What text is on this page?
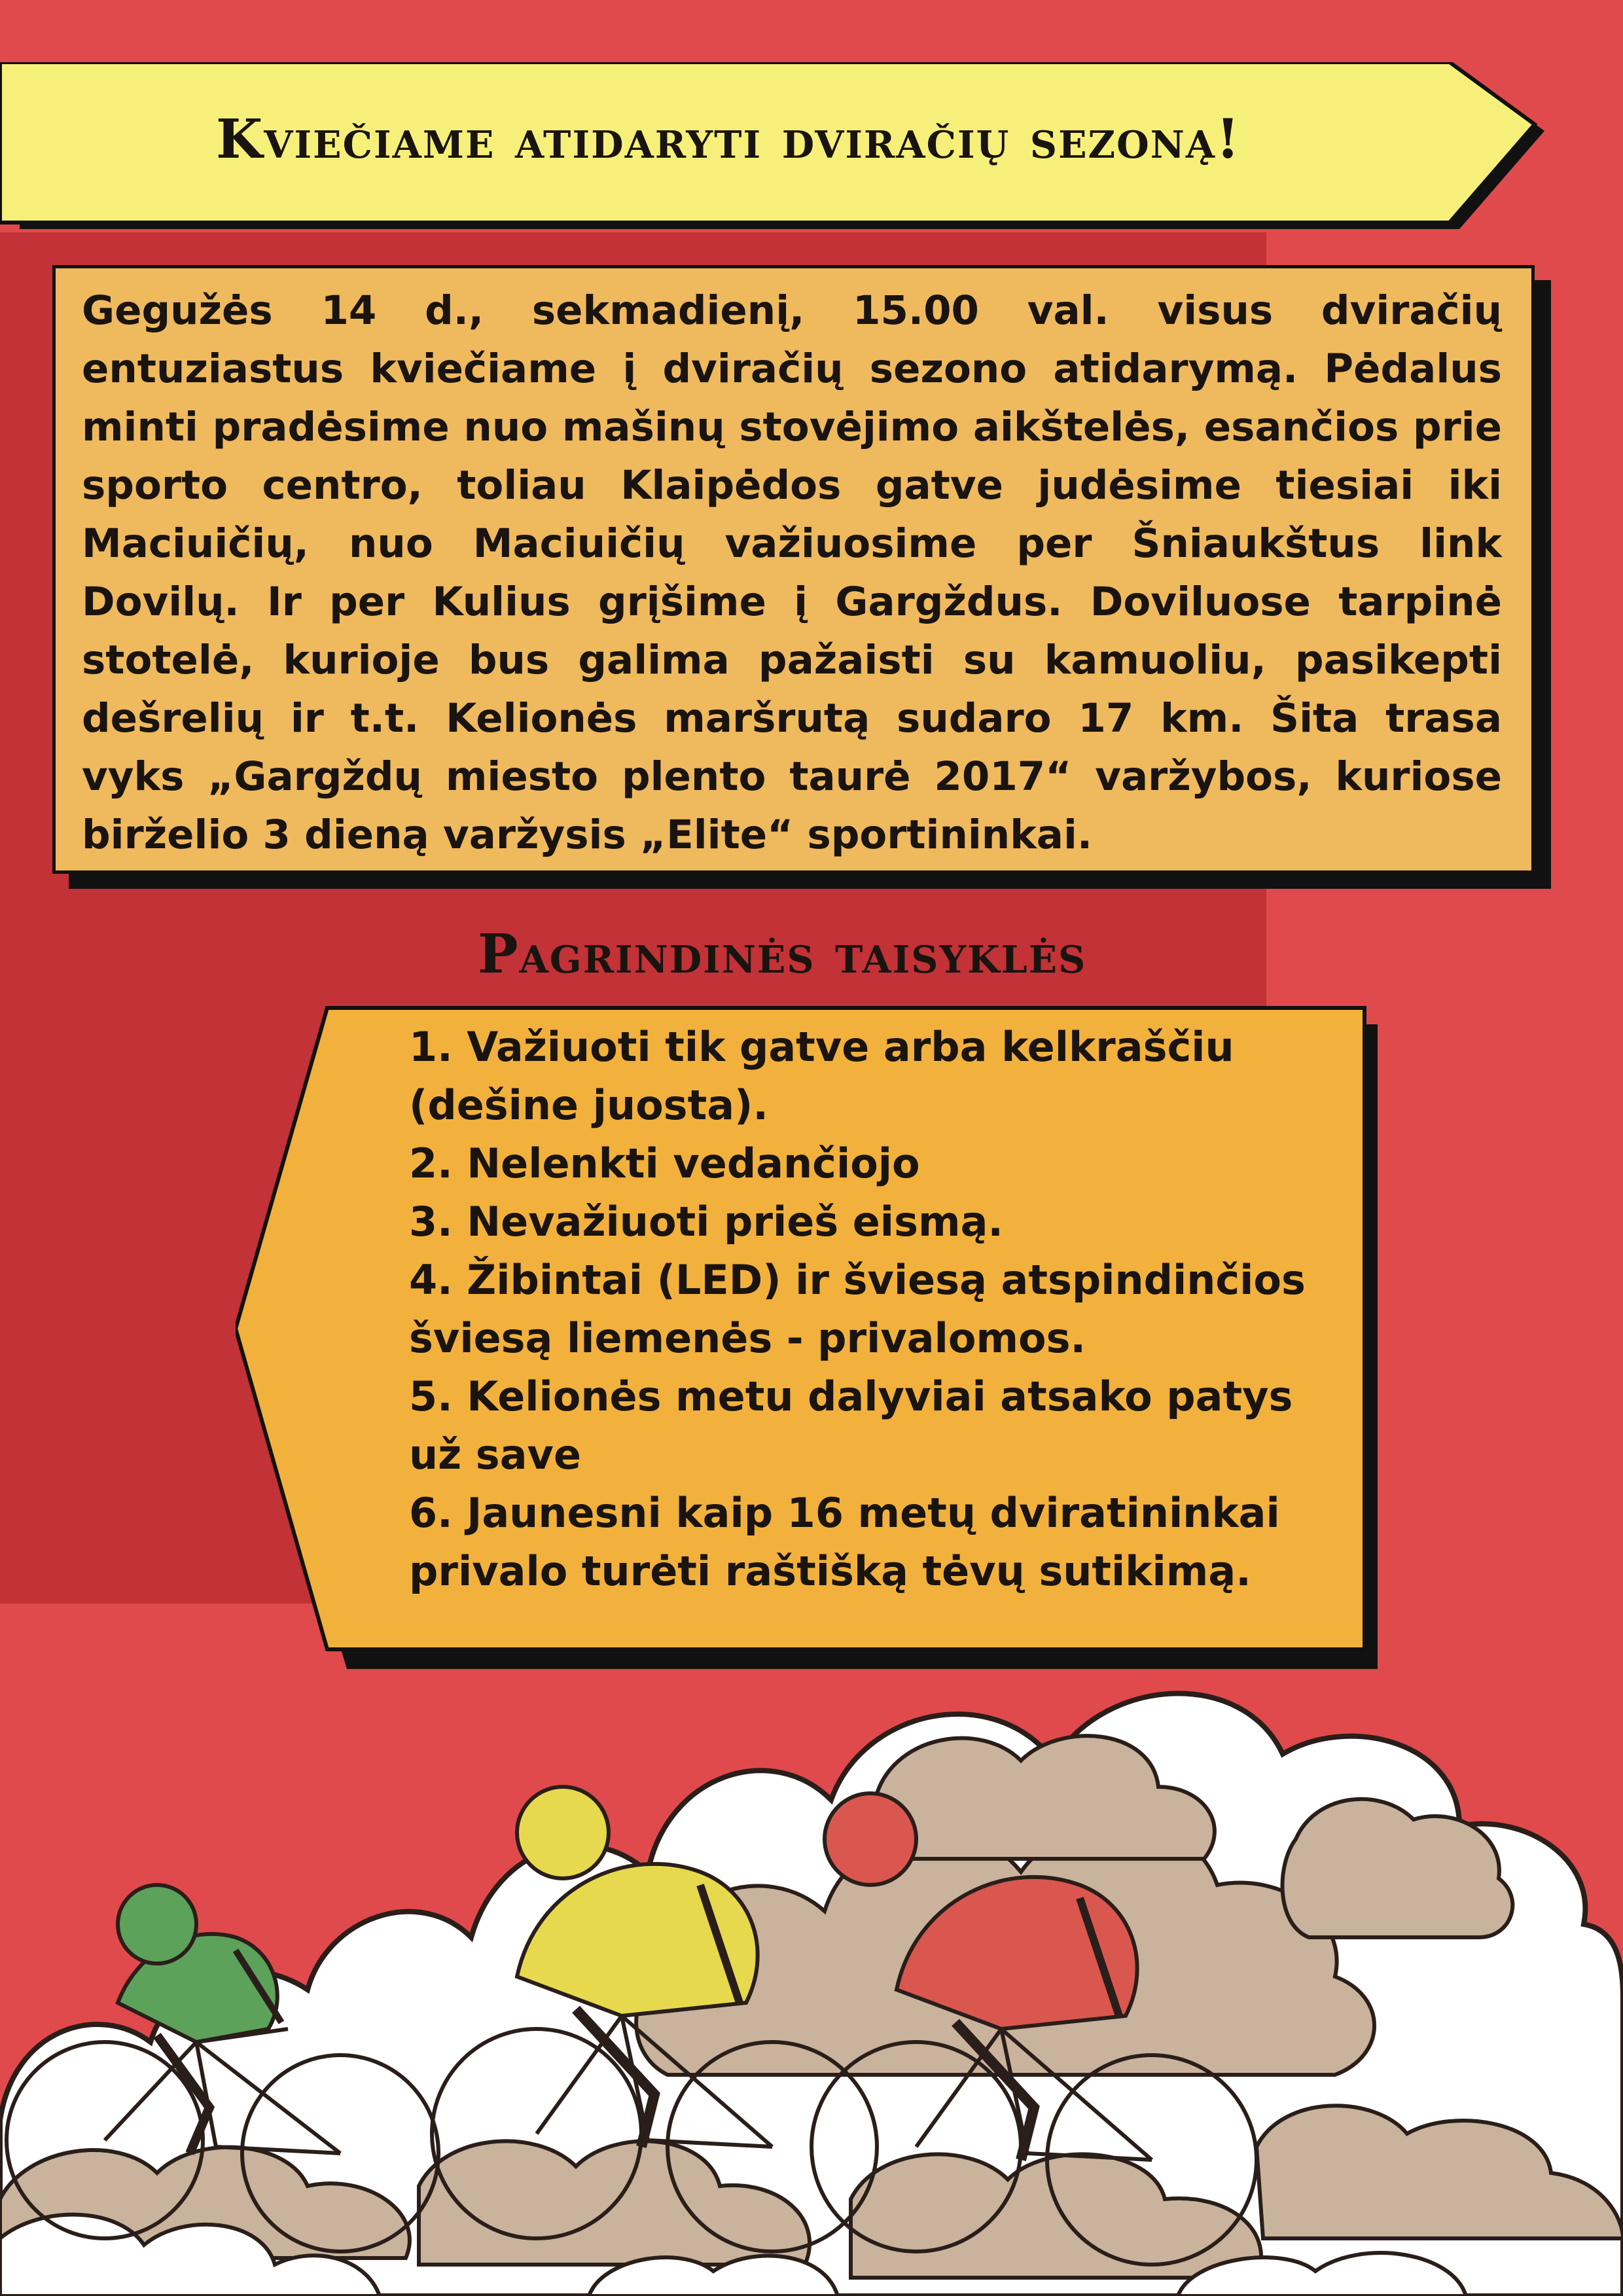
Kviečiame atidaryti dviračių sezoną!
Gegužės 14 d., sekmadienį, 15.00 val. visus dviračių entuziastus kviečiame į dviračių sezono atidarymą. Pėdalus minti pradėsime nuo mašinų stovėjimo aikštelės, esančios prie sporto centro, toliau Klaipėdos gatve judėsime tiesiai iki Maciuičių, nuo Maciuičių važiuosime per Šniaukštus link Dovilų. Ir per Kulius grįšime į Gargždus. Doviluose tarpinė stotelė, kurioje bus galima pažaisti su kamuoliu, pasikepti dešrelių ir t.t. Kelionės maršrutą sudaro 17 km. Šita trasa vyks „Gargždų miesto plento taurė 2017“ varžybos, kuriose birželio 3 dieną varžysis „Elite“ sportininkai.
Pagrindinės taisyklės
1. Važiuoti tik gatve arba kelkraščiu
(dešine juosta).
2. Nelenkti vedančiojo
3. Nevažiuoti prieš eismą.
4. Žibintai (LED) ir šviesą atspindinčios
šviesą liemenės - privalomos.
5. Kelionės metu dalyviai atsako patys
už save
6. Jaunesni kaip 16 metų dviratininkai
privalo turėti raštišką tėvų sutikimą.
